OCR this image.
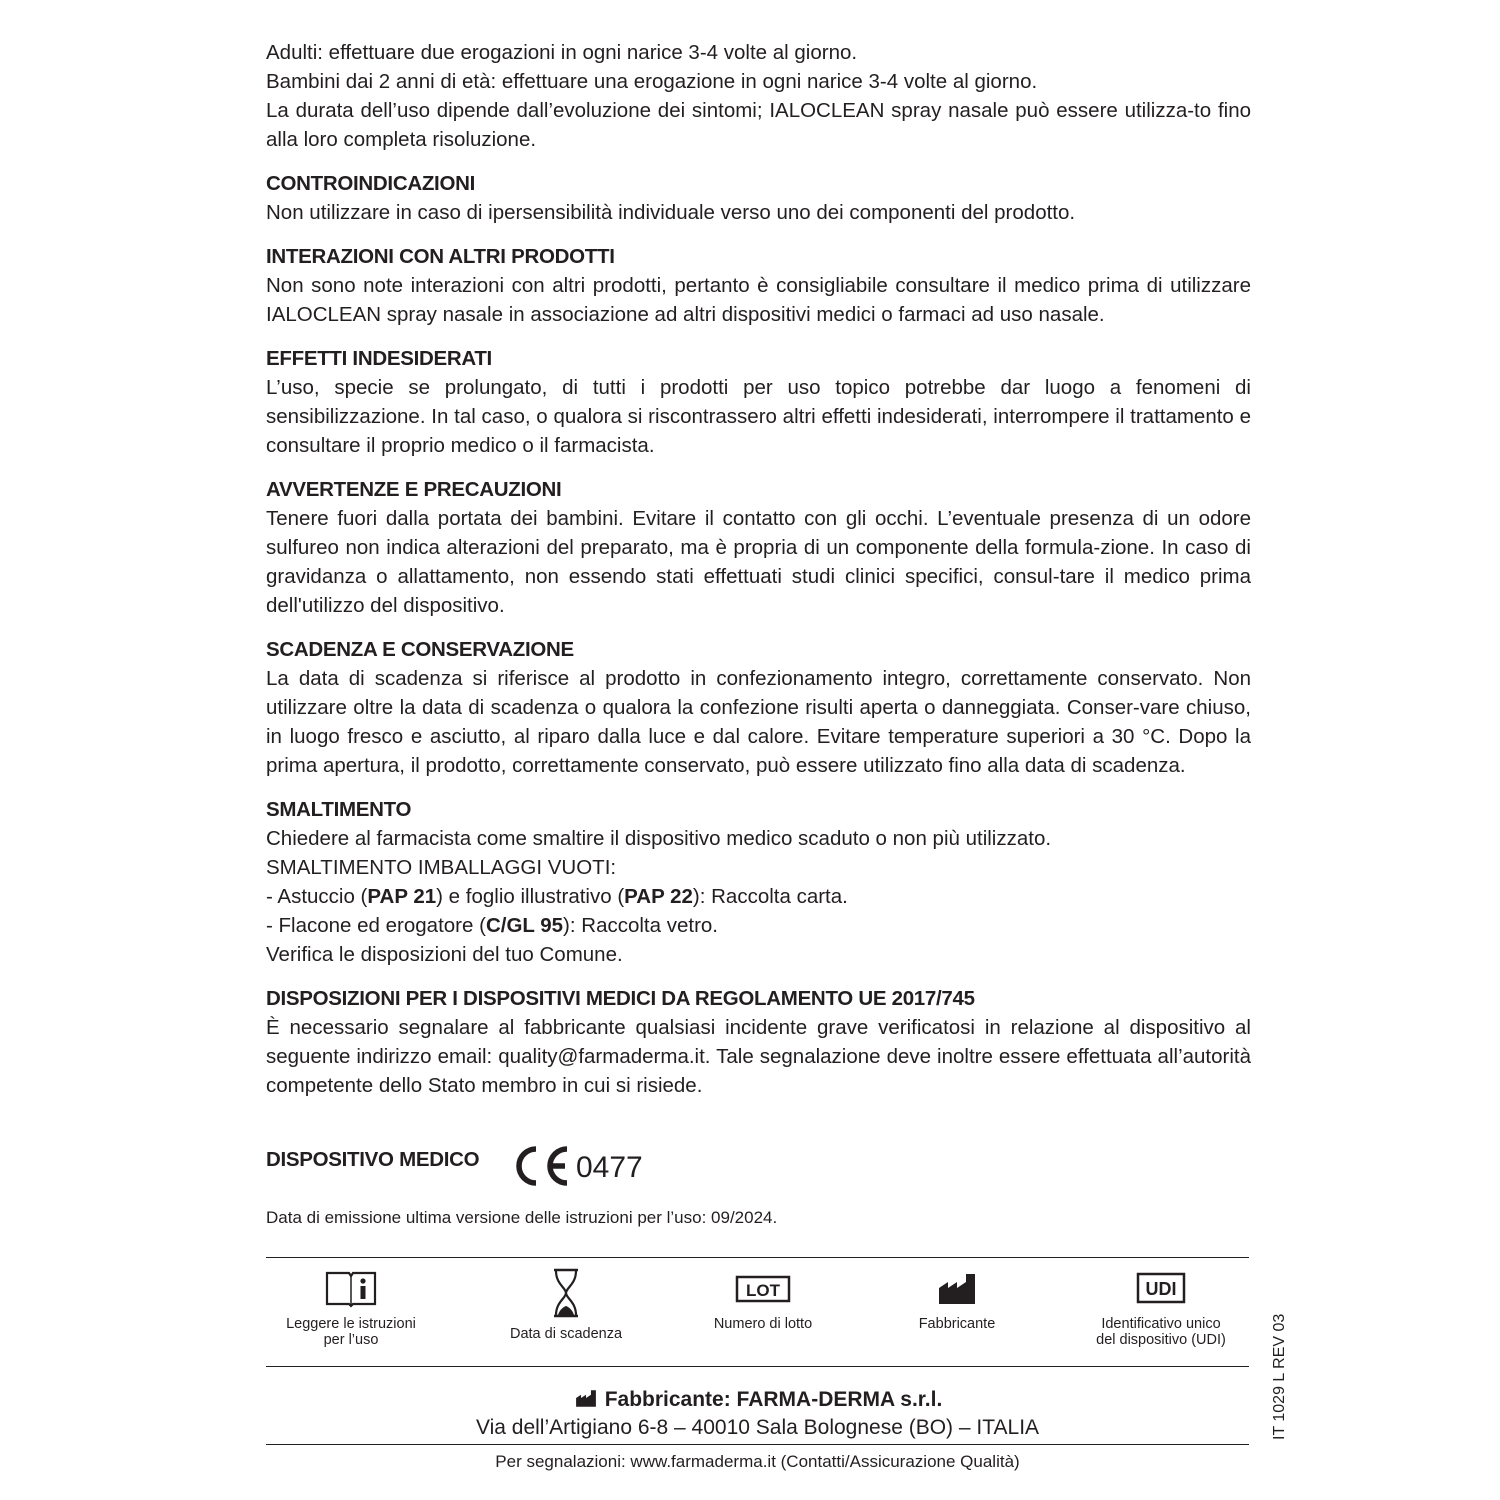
Adulti: effettuare due erogazioni in ogni narice 3-4 volte al giorno.

Bambini dai 2 anni di età: effettuare una erogazione in ogni narice 3-4 volte al giorno.

La durata dell’uso dipende dall’evoluzione dei sintomi; IALOCLEAN spray nasale può essere utilizza-to fino alla loro completa risoluzione.

CONTROINDICAZIONI

Non utilizzare in caso di ipersensibilità individuale verso uno dei componenti del prodotto.

INTERAZIONI CON ALTRI PRODOTTI

Non sono note interazioni con altri prodotti, pertanto è consigliabile consultare il medico prima di utilizzare IALOCLEAN spray nasale in associazione ad altri dispositivi medici o farmaci ad uso nasale.

EFFETTI INDESIDERATI

L’uso, specie se prolungato, di tutti i prodotti per uso topico potrebbe dar luogo a fenomeni di sensibilizzazione. In tal caso, o qualora si riscontrassero altri effetti indesiderati, interrompere il trattamento e consultare il proprio medico o il farmacista.

AVVERTENZE E PRECAUZIONI

Tenere fuori dalla portata dei bambini. Evitare il contatto con gli occhi. L’eventuale presenza di un odore sulfureo non indica alterazioni del preparato, ma è propria di un componente della formula-zione. In caso di gravidanza o allattamento, non essendo stati effettuati studi clinici specifici, consul-tare il medico prima dell'utilizzo del dispositivo.

SCADENZA E CONSERVAZIONE

La data di scadenza si riferisce al prodotto in confezionamento integro, correttamente conservato. Non utilizzare oltre la data di scadenza o qualora la confezione risulti aperta o danneggiata. Conser-vare chiuso, in luogo fresco e asciutto, al riparo dalla luce e dal calore. Evitare temperature superiori a 30 °C. Dopo la prima apertura, il prodotto, correttamente conservato, può essere utilizzato fino alla data di scadenza.

SMALTIMENTO

Chiedere al farmacista come smaltire il dispositivo medico scaduto o non più utilizzato.

SMALTIMENTO IMBALLAGGI VUOTI:

- Astuccio (PAP 21) e foglio illustrativo (PAP 22): Raccolta carta.

- Flacone ed erogatore (C/GL 95): Raccolta vetro.

Verifica le disposizioni del tuo Comune.

DISPOSIZIONI PER I DISPOSITIVI MEDICI DA REGOLAMENTO UE 2017/745

È necessario segnalare al fabbricante qualsiasi incidente grave verificatosi in relazione al dispositivo al seguente indirizzo email: quality@farmaderma.it. Tale segnalazione deve inoltre essere effettuata all’autorità competente dello Stato membro in cui si risiede.

DISPOSITIVO MEDICO	0477
Data di emissione ultima versione delle istruzioni per l’uso: 09/2024.
Leggere le istruzioni
per l’uso	Data di scadenza
LOT
Numero di lotto	Fabbricante
UDI
Identificativo unico
del dispositivo (UDI)
Fabbricante: FARMA-DERMA s.r.l.
Via dell’Artigiano 6-8 – 40010 Sala Bolognese (BO) – ITALIA
Per segnalazioni: www.farmaderma.it (Contatti/Assicurazione Qualità)
IT 1029 L REV 03
